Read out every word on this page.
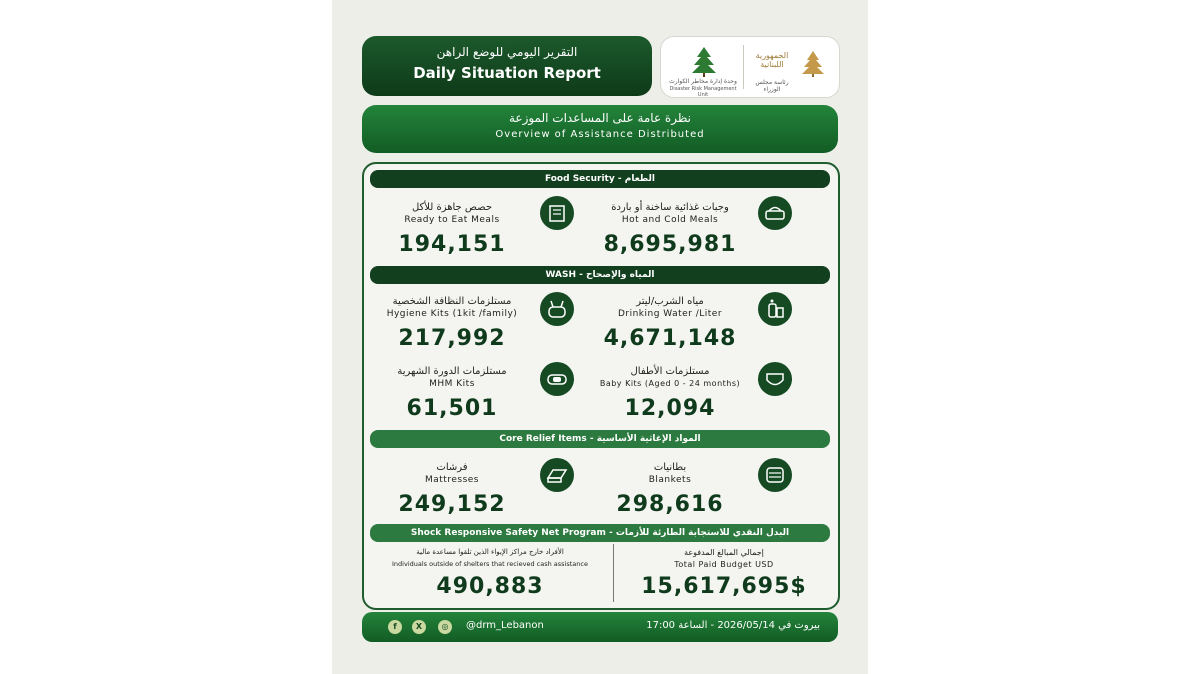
التقرير اليومي للوضع الراهن
Daily Situation Report	وحدة إدارة مخاطر الكوارث
Disaster Risk Management Unit
الجمهورية اللبنانية
رئاسة مجلس الوزراء
نظرة عامة على المساعدات الموزعة
Overview of Assistance Distributed
Food Security - الطعام
وجبات غذائية ساخنة أو باردة
Hot and Cold Meals
8,695,981
حصص جاهزة للأكل
Ready to Eat Meals
194,151
WASH - المياه والإصحاح
مياه الشرب/ليتر
Drinking Water /Liter
4,671,148
مستلزمات النظافة الشخصية
Hygiene Kits (1kit /family)
217,992
مستلزمات الأطفال
Baby Kits (Aged 0 - 24 months)
12,094
مستلزمات الدورة الشهرية
MHM Kits
61,501
Core Relief Items - المواد الإغاثية الأساسية
بطانيات
Blankets
298,616
فرشات
Mattresses
249,152
Shock Responsive Safety Net Program - البدل النقدي للاستجابة الطارئة للأزمات
إجمالي المبالغ المدفوعة
Total Paid Budget USD
15,617,695$
الأفراد خارج مراكز الإيواء الذين تلقوا مساعدة مالية
Individuals outside of shelters that recieved cash assistance
490,883
f	X	◎	@drm_Lebanon	بيروت في 2026/05/14 - الساعة 17:00
